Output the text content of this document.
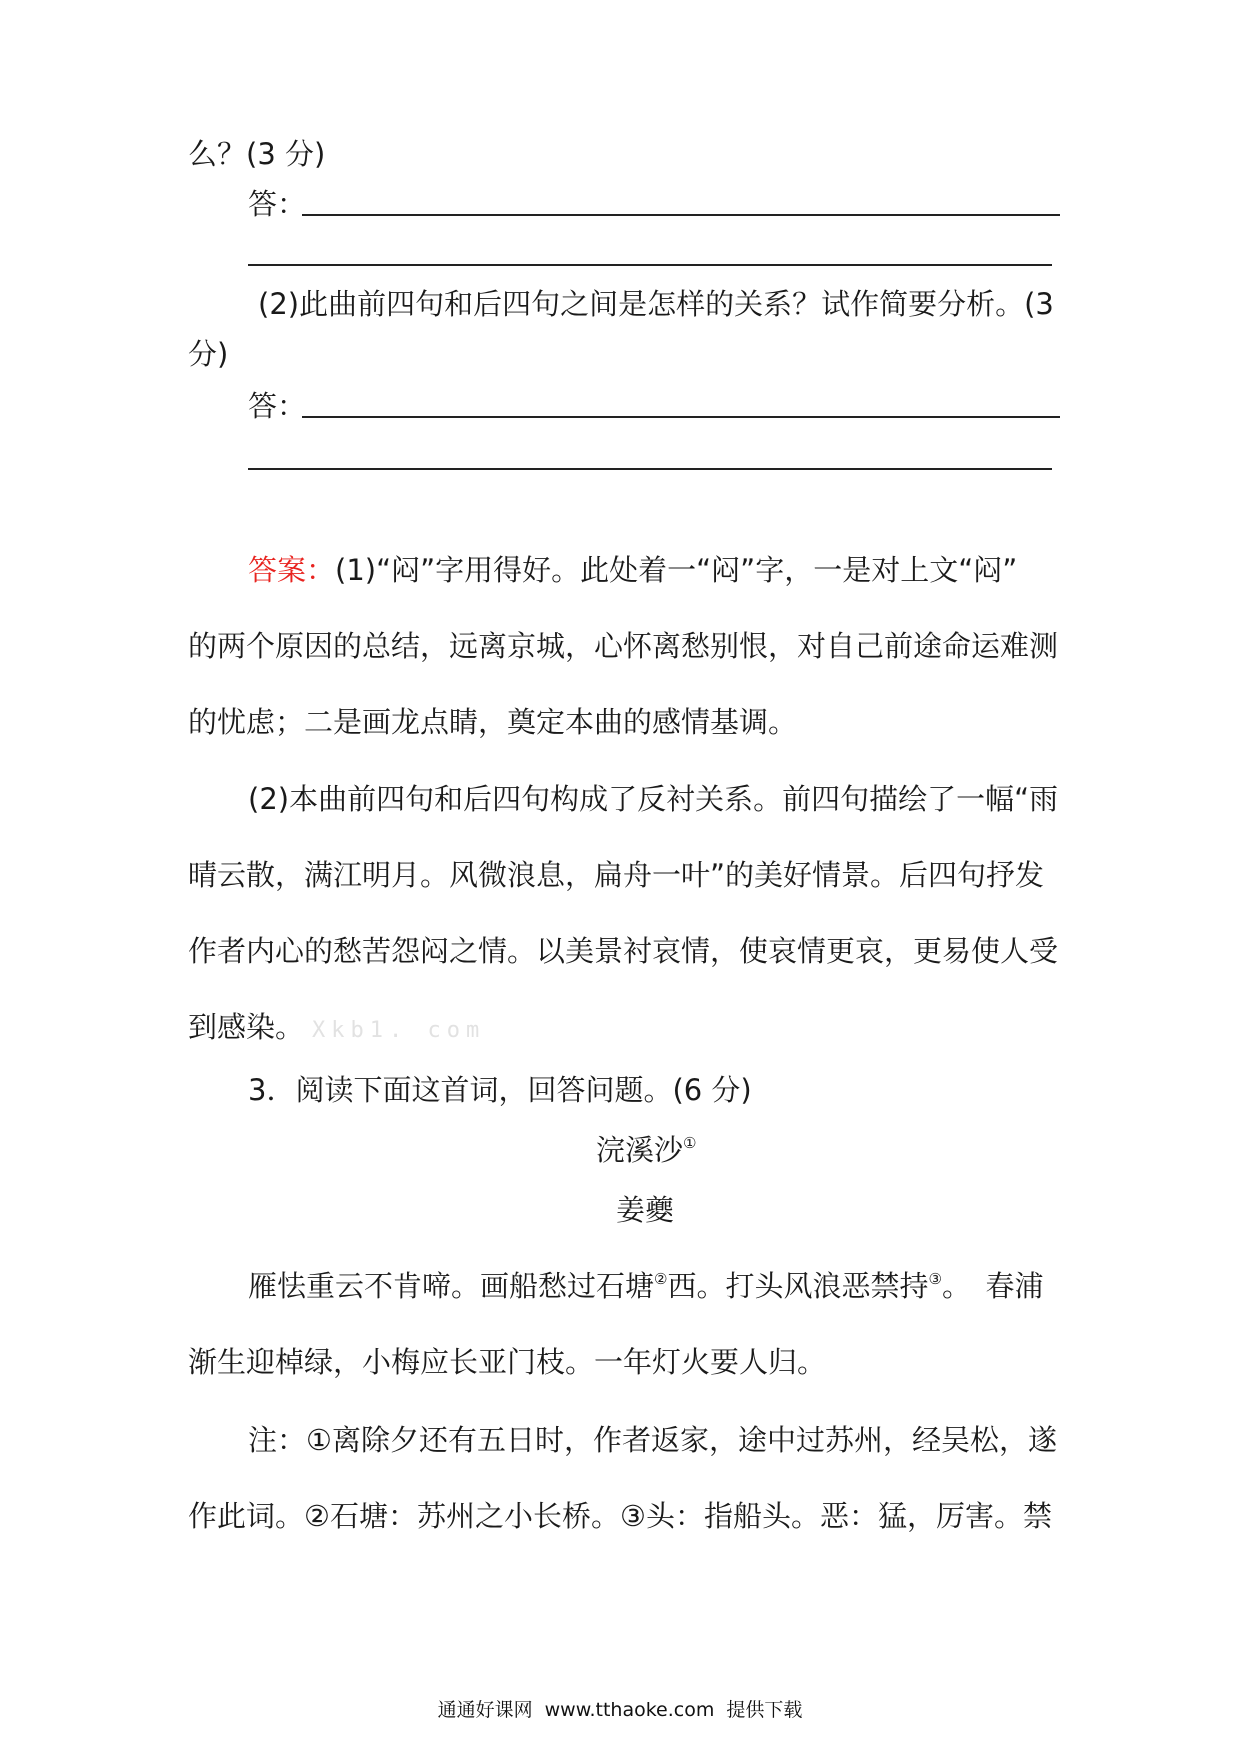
么？(3 分)
答：
(2)此曲前四句和后四句之间是怎样的关系？试作简要分析。(3
分)
答：
答案：(1)“闷”字用得好。此处着一“闷”字，一是对上文“闷”
的两个原因的总结，远离京城，心怀离愁别恨，对自己前途命运难测
的忧虑；二是画龙点睛，奠定本曲的感情基调。
(2)本曲前四句和后四句构成了反衬关系。前四句描绘了一幅“雨
晴云散，满江明月。风微浪息，扁舟一叶”的美好情景。后四句抒发
作者内心的愁苦怨闷之情。以美景衬哀情，使哀情更哀，更易使人受
到感染。 Xkb1. com
3．阅读下面这首词，回答问题。(6 分)
浣溪沙①
姜夔
雁怯重云不肯啼。画船愁过石塘②西。打头风浪恶禁持③。　春浦
渐生迎棹绿，小梅应长亚门枝。一年灯火要人归。
注：①离除夕还有五日时，作者返家，途中过苏州，经吴松，遂
作此词。②石塘：苏州之小长桥。③头：指船头。恶：猛，厉害。禁
通通好课网 www.tthaoke.com 提供下载
